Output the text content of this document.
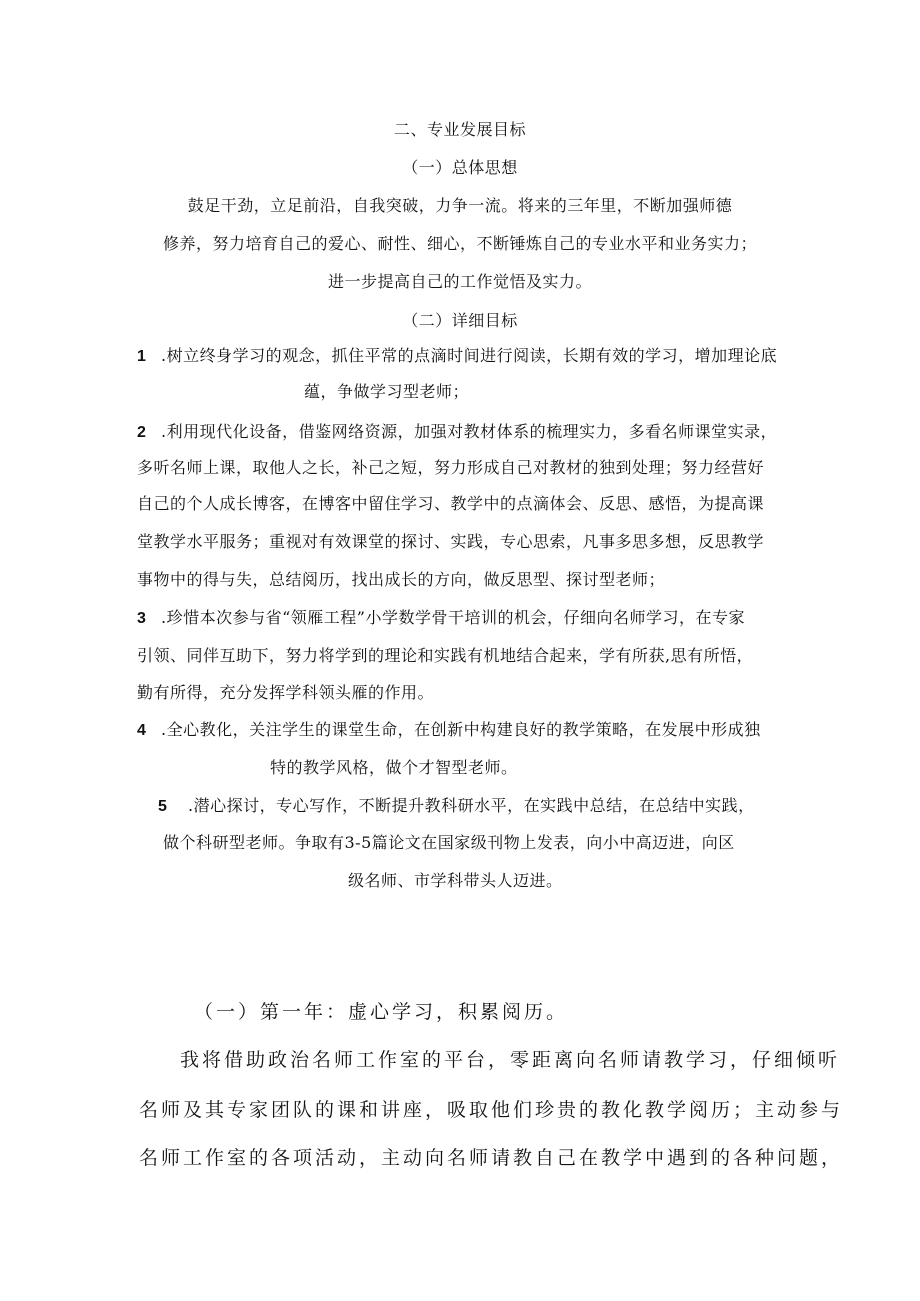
二、专业发展目标
（一）总体思想
鼓足干劲，立足前沿，自我突破，力争一流。将来的三年里，不断加强师德
修养，努力培育自己的爱心、耐性、细心，不断锤炼自己的专业水平和业务实力；
进一步提高自己的工作觉悟及实力。
（二）详细目标
1 .树立终身学习的观念，抓住平常的点滴时间进行阅读，长期有效的学习，增加理论底
蕴，争做学习型老师；
2 .利用现代化设备，借鉴网络资源，加强对教材体系的梳理实力，多看名师课堂实录，
多听名师上课，取他人之长，补己之短，努力形成自己对教材的独到处理；努力经营好
自己的个人成长博客，在博客中留住学习、教学中的点滴体会、反思、感悟，为提高课
堂教学水平服务；重视对有效课堂的探讨、实践，专心思索，凡事多思多想，反思教学
事物中的得与失，总结阅历，找出成长的方向，做反思型、探讨型老师；
3 .珍惜本次参与省“领雁工程”小学数学骨干培训的机会，仔细向名师学习，在专家
引领、同伴互助下，努力将学到的理论和实践有机地结合起来，学有所获,思有所悟，
勤有所得，充分发挥学科领头雁的作用。
4 .全心教化，关注学生的课堂生命，在创新中构建良好的教学策略，在发展中形成独
特的教学风格，做个才智型老师。
5 .潜心探讨，专心写作，不断提升教科研水平，在实践中总结，在总结中实践，
做个科研型老师。争取有3-5篇论文在国家级刊物上发表，向小中高迈进，向区
级名师、市学科带头人迈进。
（一）第一年：虚心学习，积累阅历。
我将借助政治名师工作室的平台，零距离向名师请教学习，仔细倾听
名师及其专家团队的课和讲座，吸取他们珍贵的教化教学阅历；主动参与
名师工作室的各项活动，主动向名师请教自己在教学中遇到的各种问题，
